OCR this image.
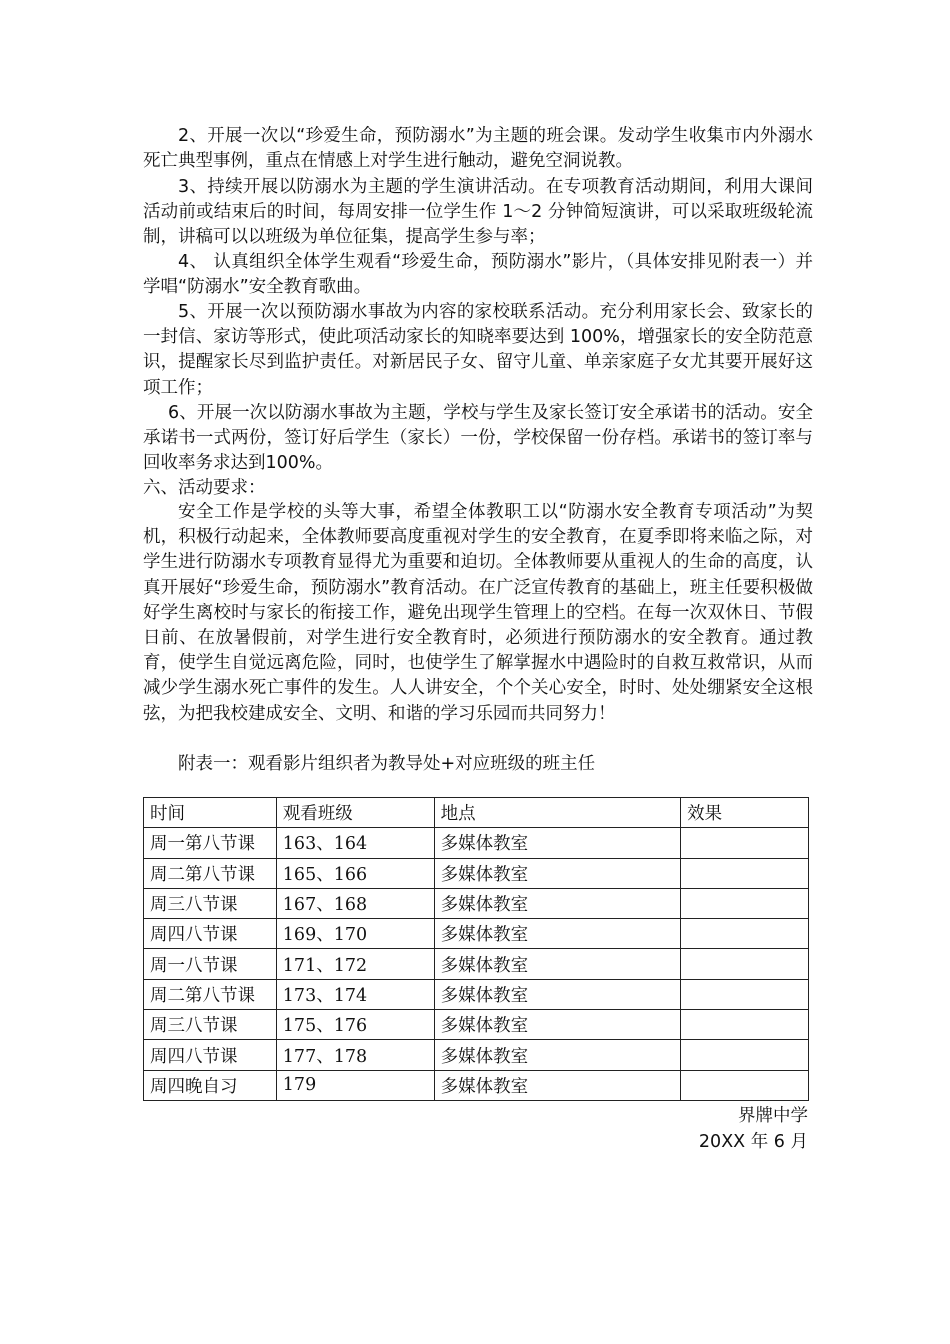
2、开展一次以“珍爱生命，预防溺水”为主题的班会课。发动学生收集市内外溺水死亡典型事例，重点在情感上对学生进行触动，避免空洞说教。

3、持续开展以防溺水为主题的学生演讲活动。在专项教育活动期间，利用大课间活动前或结束后的时间，每周安排一位学生作 1～2 分钟简短演讲，可以采取班级轮流制，讲稿可以以班级为单位征集，提高学生参与率；

4、 认真组织全体学生观看“珍爱生命，预防溺水”影片，（具体安排见附表一）并学唱“防溺水”安全教育歌曲。

5、开展一次以预防溺水事故为内容的家校联系活动。充分利用家长会、致家长的一封信、家访等形式，使此项活动家长的知晓率要达到 100%，增强家长的安全防范意识，提醒家长尽到监护责任。对新居民子女、留守儿童、单亲家庭子女尤其要开展好这项工作；

6、开展一次以防溺水事故为主题，学校与学生及家长签订安全承诺书的活动。安全承诺书一式两份，签订好后学生（家长）一份，学校保留一份存档。承诺书的签订率与回收率务求达到100%。

六、活动要求：

安全工作是学校的头等大事，希望全体教职工以“防溺水安全教育专项活动”为契机，积极行动起来，全体教师要高度重视对学生的安全教育，在夏季即将来临之际，对学生进行防溺水专项教育显得尤为重要和迫切。全体教师要从重视人的生命的高度，认真开展好“珍爱生命，预防溺水”教育活动。在广泛宣传教育的基础上，班主任要积极做好学生离校时与家长的衔接工作，避免出现学生管理上的空档。在每一次双休日、节假日前、在放暑假前，对学生进行安全教育时，必须进行预防溺水的安全教育。通过教育，使学生自觉远离危险，同时，也使学生了解掌握水中遇险时的自救互救常识，从而减少学生溺水死亡事件的发生。人人讲安全，个个关心安全，时时、处处绷紧安全这根弦，为把我校建成安全、文明、和谐的学习乐园而共同努力！

附表一：观看影片组织者为教导处+对应班级的班主任

时间	观看班级	地点	效果
周一第八节课	163、164	多媒体教室	
周二第八节课	165、166	多媒体教室	
周三八节课	167、168	多媒体教室	
周四八节课	169、170	多媒体教室	
周一八节课	171、172	多媒体教室	
周二第八节课	173、174	多媒体教室	
周三八节课	175、176	多媒体教室	
周四八节课	177、178	多媒体教室	
周四晚自习	179	多媒体教室	
界牌中学
20XX 年 6 月
